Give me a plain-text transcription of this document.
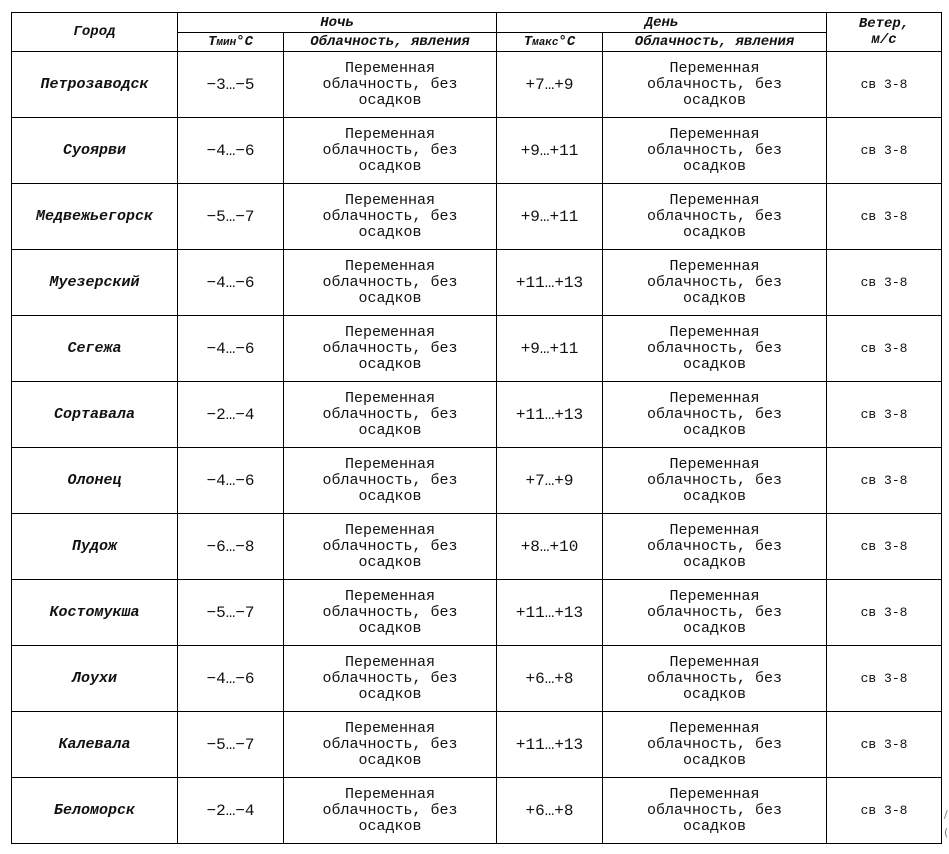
Город	Ночь		День		Ветер,
м/с
	Тмин°С	Облачность, явления	Тмакс°С	Облачность, явления	
Петрозаводск	−3…−5	Переменная облачность, без осадков	+7…+9	Переменная облачность, без осадков	св 3-8
Суоярви	−4…−6	Переменная облачность, без осадков	+9…+11	Переменная облачность, без осадков	св 3-8
Медвежьегорск	−5…−7	Переменная облачность, без осадков	+9…+11	Переменная облачность, без осадков	св 3-8
Муезерский	−4…−6	Переменная облачность, без осадков	+11…+13	Переменная облачность, без осадков	св 3-8
Сегежа	−4…−6	Переменная облачность, без осадков	+9…+11	Переменная облачность, без осадков	св 3-8
Сортавала	−2…−4	Переменная облачность, без осадков	+11…+13	Переменная облачность, без осадков	св 3-8
Олонец	−4…−6	Переменная облачность, без осадков	+7…+9	Переменная облачность, без осадков	св 3-8
Пудож	−6…−8	Переменная облачность, без осадков	+8…+10	Переменная облачность, без осадков	св 3-8
Костомукша	−5…−7	Переменная облачность, без осадков	+11…+13	Переменная облачность, без осадков	св 3-8
Лоухи	−4…−6	Переменная облачность, без осадков	+6…+8	Переменная облачность, без осадков	св 3-8
Калевала	−5…−7	Переменная облачность, без осадков	+11…+13	Переменная облачность, без осадков	св 3-8
Беломорск	−2…−4	Переменная облачность, без осадков	+6…+8	Переменная облачность, без осадков	св 3-8	/
(
